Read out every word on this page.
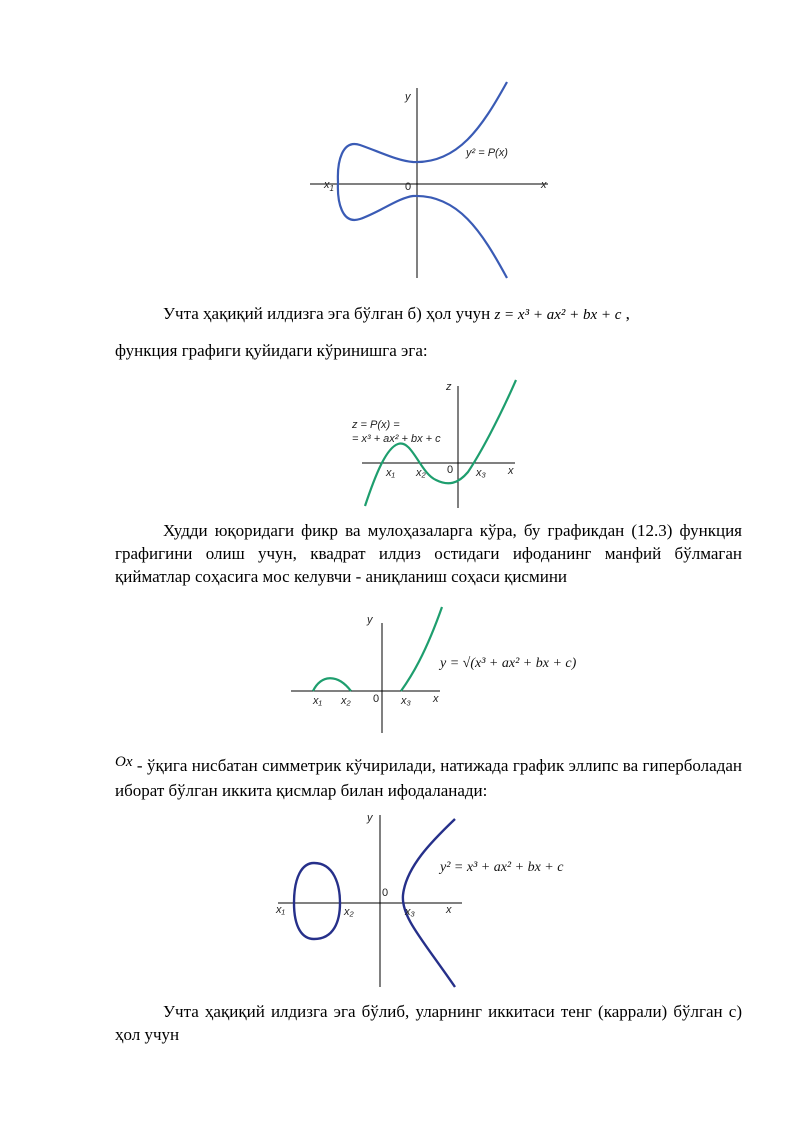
y
x
0
$x_1$
y² = P(x)

Учта ҳақиқий илдизга эга бўлган б) ҳол учун z = x³ + ax² + bx + c ,

функция графиги қуйидаги кўринишга эга:

z
x
0
z = P(x) =
= x³ + ax² + bx + c
x₁ x₂	x₃

Худди юқоридаги фикр ва мулоҳазаларга кўра, бу графикдан (12.3) функция графигини олиш учун, квадрат илдиз остидаги ифоданинг манфий бўлмаган қийматлар соҳасига мос келувчи - аниқланиш соҳаси қисмини

y
x
0
x₁ x₂	x₃
y = √(x³ + ax² + bx + c)

Ox - ўқига нисбатан симметрик кўчирилади, натижада график эллипс ва гиперболадан иборат бўлган иккита қисмлар билан ифодаланади:

y
x
0
x₁	x₂	x₃
y² = x³ + ax² + bx + c

Учта ҳақиқий илдизга эга бўлиб, уларнинг иккитаси тенг (каррали) бўлган с) ҳол учун
